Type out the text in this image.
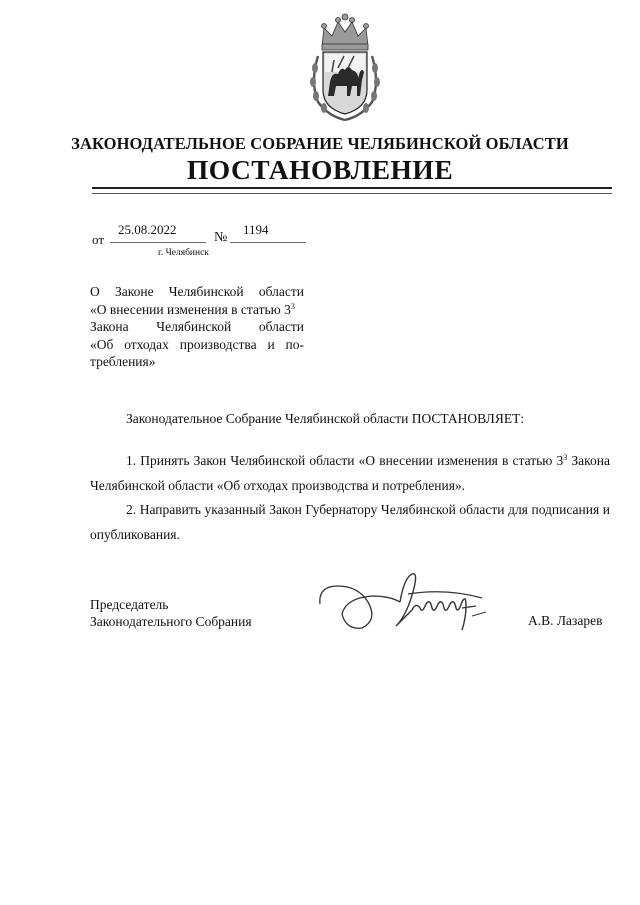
ЗАКОНОДАТЕЛЬНОЕ СОБРАНИЕ ЧЕЛЯБИНСКОЙ ОБЛАСТИ
ПОСТАНОВЛЕНИЕ
от
25.08.2022
№
1194
г. Челябинск
О Законе Челябинской области
«О внесении изменения в статью $3^3$
Закона Челябинской области
«Об отходах производства и по-
требления»
Законодательное Собрание Челябинской области ПОСТАНОВЛЯЕТ:
1. Принять Закон Челябинской области «О внесении изменения в статью $3^3$ Закона Челябинской области «Об отходах производства и потребления».
2. Направить указанный Закон Губернатору Челябинской области для подписания и опубликования.
Председатель
Законодательного Собрания	А.В. Лазарев
